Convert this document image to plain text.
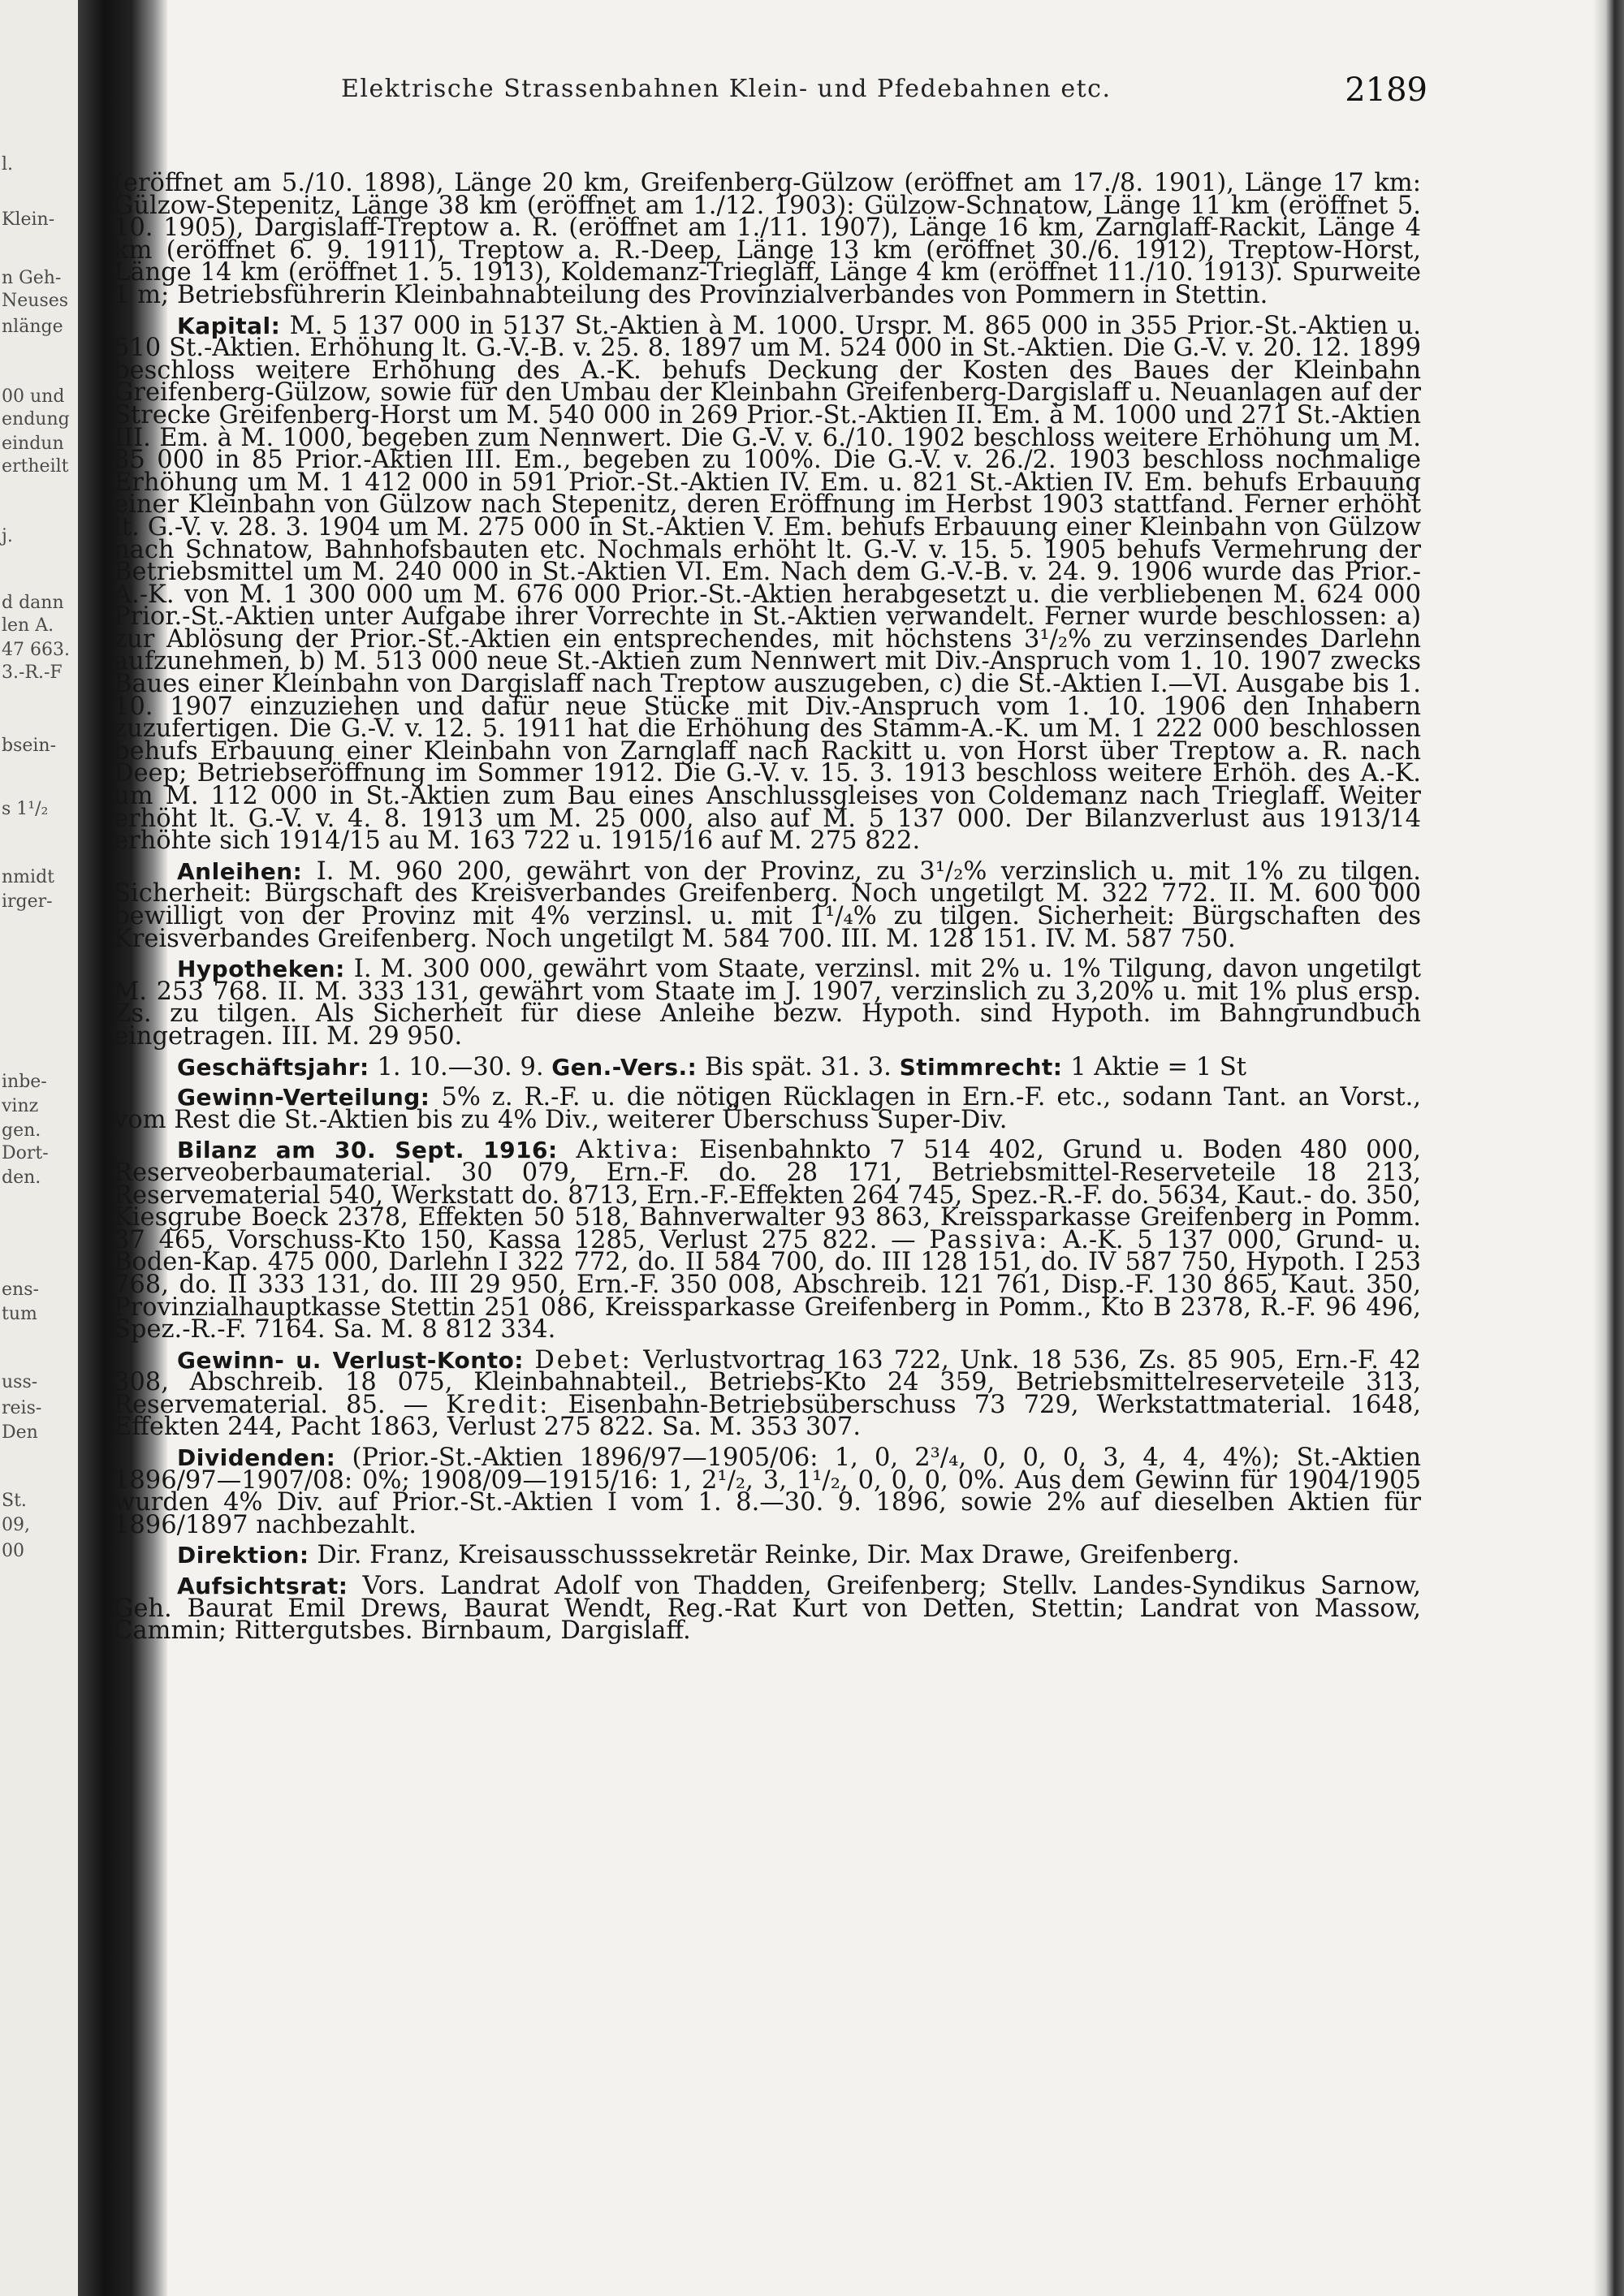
l.
Klein-
n Geh-
Neuses
nlänge
00 und
endung
eindun
ertheilt
j.
d dann
len A.
47 663.
3.-R.-F
bsein-
s 1¹/₂
nmidt
irger-
inbe-
vinz
gen.
Dort-
den.
ens-
tum
uss-
reis-
Den
St.
09,
00
Elektrische Strassenbahnen Klein- und Pfedebahnen etc.	2189

(eröffnet am 5./10. 1898), Länge 20 km, Greifenberg-Gülzow (eröffnet am 17./8. 1901), Länge 17 km: Gülzow-Stepenitz, Länge 38 km (eröffnet am 1./12. 1903): Gülzow-Schnatow, Länge 11 km (eröffnet 5. 10. 1905), Dargislaff-Treptow a. R. (eröffnet am 1./11. 1907), Länge 16 km, Zarnglaff-Rackit, Länge 4 km (eröffnet 6. 9. 1911), Treptow a. R.-Deep, Länge 13 km (eröffnet 30./6. 1912), Treptow-Horst, Länge 14 km (eröffnet 1. 5. 1913), Koldemanz-Trieglaff, Länge 4 km (eröffnet 11./10. 1913). Spurweite 1 m; Betriebsführerin Kleinbahnabteilung des Provinzialverbandes von Pommern in Stettin.

Kapital: M. 5 137 000 in 5137 St.-Aktien à M. 1000. Urspr. M. 865 000 in 355 Prior.-St.-Aktien u. 510 St.-Aktien. Erhöhung lt. G.-V.-B. v. 25. 8. 1897 um M. 524 000 in St.-Aktien. Die G.-V. v. 20. 12. 1899 beschloss weitere Erhöhung des A.-K. behufs Deckung der Kosten des Baues der Kleinbahn Greifenberg-Gülzow, sowie für den Umbau der Kleinbahn Greifenberg-Dargislaff u. Neuanlagen auf der Strecke Greifenberg-Horst um M. 540 000 in 269 Prior.-St.-Aktien II. Em. à M. 1000 und 271 St.-Aktien III. Em. à M. 1000, begeben zum Nennwert. Die G.-V. v. 6./10. 1902 beschloss weitere Erhöhung um M. 85 000 in 85 Prior.-Aktien III. Em., begeben zu 100%. Die G.-V. v. 26./2. 1903 beschloss nochmalige Erhöhung um M. 1 412 000 in 591 Prior.-St.-Aktien IV. Em. u. 821 St.-Aktien IV. Em. behufs Erbauung einer Kleinbahn von Gülzow nach Stepenitz, deren Eröffnung im Herbst 1903 stattfand. Ferner erhöht lt. G.-V. v. 28. 3. 1904 um M. 275 000 in St.-Aktien V. Em. behufs Erbauung einer Kleinbahn von Gülzow nach Schnatow, Bahnhofsbauten etc. Nochmals erhöht lt. G.-V. v. 15. 5. 1905 behufs Vermehrung der Betriebsmittel um M. 240 000 in St.-Aktien VI. Em. Nach dem G.-V.-B. v. 24. 9. 1906 wurde das Prior.-A.-K. von M. 1 300 000 um M. 676 000 Prior.-St.-Aktien herabgesetzt u. die verbliebenen M. 624 000 Prior.-St.-Aktien unter Aufgabe ihrer Vorrechte in St.-Aktien verwandelt. Ferner wurde beschlossen: a) zur Ablösung der Prior.-St.-Aktien ein entsprechendes, mit höchstens 3¹/₂% zu verzinsendes Darlehn aufzunehmen, b) M. 513 000 neue St.-Aktien zum Nennwert mit Div.-Anspruch vom 1. 10. 1907 zwecks Baues einer Kleinbahn von Dargislaff nach Treptow auszugeben, c) die St.-Aktien I.—VI. Ausgabe bis 1. 10. 1907 einzuziehen und dafür neue Stücke mit Div.-Anspruch vom 1. 10. 1906 den Inhabern zuzufertigen. Die G.-V. v. 12. 5. 1911 hat die Erhöhung des Stamm-A.-K. um M. 1 222 000 beschlossen behufs Erbauung einer Kleinbahn von Zarnglaff nach Rackitt u. von Horst über Treptow a. R. nach Deep; Betriebseröffnung im Sommer 1912. Die G.-V. v. 15. 3. 1913 beschloss weitere Erhöh. des A.-K. um M. 112 000 in St.-Aktien zum Bau eines Anschlussgleises von Coldemanz nach Trieglaff. Weiter erhöht lt. G.-V. v. 4. 8. 1913 um M. 25 000, also auf M. 5 137 000. Der Bilanzverlust aus 1913/14 erhöhte sich 1914/15 au M. 163 722 u. 1915/16 auf M. 275 822.

Anleihen: I. M. 960 200, gewährt von der Provinz, zu 3¹/₂% verzinslich u. mit 1% zu tilgen. Sicherheit: Bürgschaft des Kreisverbandes Greifenberg. Noch ungetilgt M. 322 772. II. M. 600 000 bewilligt von der Provinz mit 4% verzinsl. u. mit 1¹/₄% zu tilgen. Sicherheit: Bürgschaften des Kreisverbandes Greifenberg. Noch ungetilgt M. 584 700. III. M. 128 151. IV. M. 587 750.

Hypotheken: I. M. 300 000, gewährt vom Staate, verzinsl. mit 2% u. 1% Tilgung, davon ungetilgt M. 253 768. II. M. 333 131, gewährt vom Staate im J. 1907, verzinslich zu 3,20% u. mit 1% plus ersp. Zs. zu tilgen. Als Sicherheit für diese Anleihe bezw. Hypoth. sind Hypoth. im Bahngrundbuch eingetragen. III. M. 29 950.

Geschäftsjahr: 1. 10.—30. 9. Gen.-Vers.: Bis spät. 31. 3. Stimmrecht: 1 Aktie = 1 St

Gewinn-Verteilung: 5% z. R.-F. u. die nötigen Rücklagen in Ern.-F. etc., sodann Tant. an Vorst., vom Rest die St.-Aktien bis zu 4% Div., weiterer Überschuss Super-Div.

Bilanz am 30. Sept. 1916: Aktiva: Eisenbahnkto 7 514 402, Grund u. Boden 480 000, Reserveoberbaumaterial. 30 079, Ern.-F. do. 28 171, Betriebsmittel-Reserveteile 18 213, Reservematerial 540, Werkstatt do. 8713, Ern.-F.-Effekten 264 745, Spez.-R.-F. do. 5634, Kaut.- do. 350, Kiesgrube Boeck 2378, Effekten 50 518, Bahnverwalter 93 863, Kreissparkasse Greifenberg in Pomm. 37 465, Vorschuss-Kto 150, Kassa 1285, Verlust 275 822. — Passiva: A.-K. 5 137 000, Grund- u. Boden-Kap. 475 000, Darlehn I 322 772, do. II 584 700, do. III 128 151, do. IV 587 750, Hypoth. I 253 768, do. II 333 131, do. III 29 950, Ern.-F. 350 008, Abschreib. 121 761, Disp.-F. 130 865, Kaut. 350, Provinzialhauptkasse Stettin 251 086, Kreissparkasse Greifenberg in Pomm., Kto B 2378, R.-F. 96 496, Spez.-R.-F. 7164. Sa. M. 8 812 334.

Gewinn- u. Verlust-Konto: Debet: Verlustvortrag 163 722, Unk. 18 536, Zs. 85 905, Ern.-F. 42 308, Abschreib. 18 075, Kleinbahnabteil., Betriebs-Kto 24 359, Betriebsmittelreserveteile 313, Reservematerial. 85. — Kredit: Eisenbahn-Betriebsüberschuss 73 729, Werkstattmaterial. 1648, Effekten 244, Pacht 1863, Verlust 275 822. Sa. M. 353 307.

Dividenden: (Prior.-St.-Aktien 1896/97—1905/06: 1, 0, 2³/₄, 0, 0, 0, 3, 4, 4, 4%); St.-Aktien 1896/97—1907/08: 0%; 1908/09—1915/16: 1, 2¹/₂, 3, 1¹/₂, 0, 0, 0, 0%. Aus dem Gewinn für 1904/1905 wurden 4% Div. auf Prior.-St.-Aktien I vom 1. 8.—30. 9. 1896, sowie 2% auf dieselben Aktien für 1896/1897 nachbezahlt.

Direktion: Dir. Franz, Kreisausschusssekretär Reinke, Dir. Max Drawe, Greifenberg.

Aufsichtsrat: Vors. Landrat Adolf von Thadden, Greifenberg; Stellv. Landes-Syndikus Sarnow, Geh. Baurat Emil Drews, Baurat Wendt, Reg.-Rat Kurt von Detten, Stettin; Landrat von Massow, Cammin; Rittergutsbes. Birnbaum, Dargislaff.
